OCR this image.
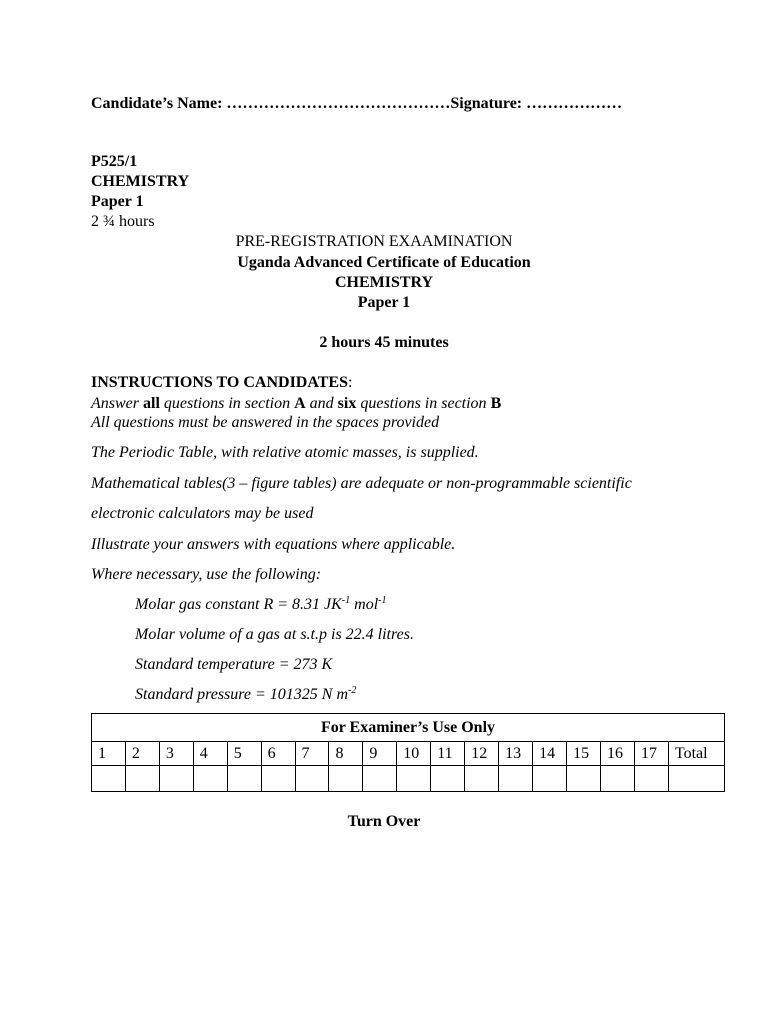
Candidate’s Name: ……………………………………Signature: ………………
P525/1
CHEMISTRY
Paper 1
2 ¾ hours
PRE-REGISTRATION EXAAMINATION
Uganda Advanced Certificate of Education
CHEMISTRY
Paper 1
2 hours 45 minutes
INSTRUCTIONS TO CANDIDATES:
Answer all questions in section A and six questions in section B
All questions must be answered in the spaces provided
The Periodic Table, with relative atomic masses, is supplied.
Mathematical tables(3 – figure tables) are adequate or non-programmable scientific
electronic calculators may be used
Illustrate your answers with equations where applicable.
Where necessary, use the following:
Molar gas constant R = 8.31 $JK^{-1}$ mol$^{-1}$
Molar volume of a gas at s.t.p is 22.4 litres.
Standard temperature = 273 K
Standard pressure = 101325 N $m^{-2}$
For Examiner’s Use Only																	
1	2	3	4	5	6	7	8	9	10	11	12	13	14	15	16	17	Total

Turn Over
